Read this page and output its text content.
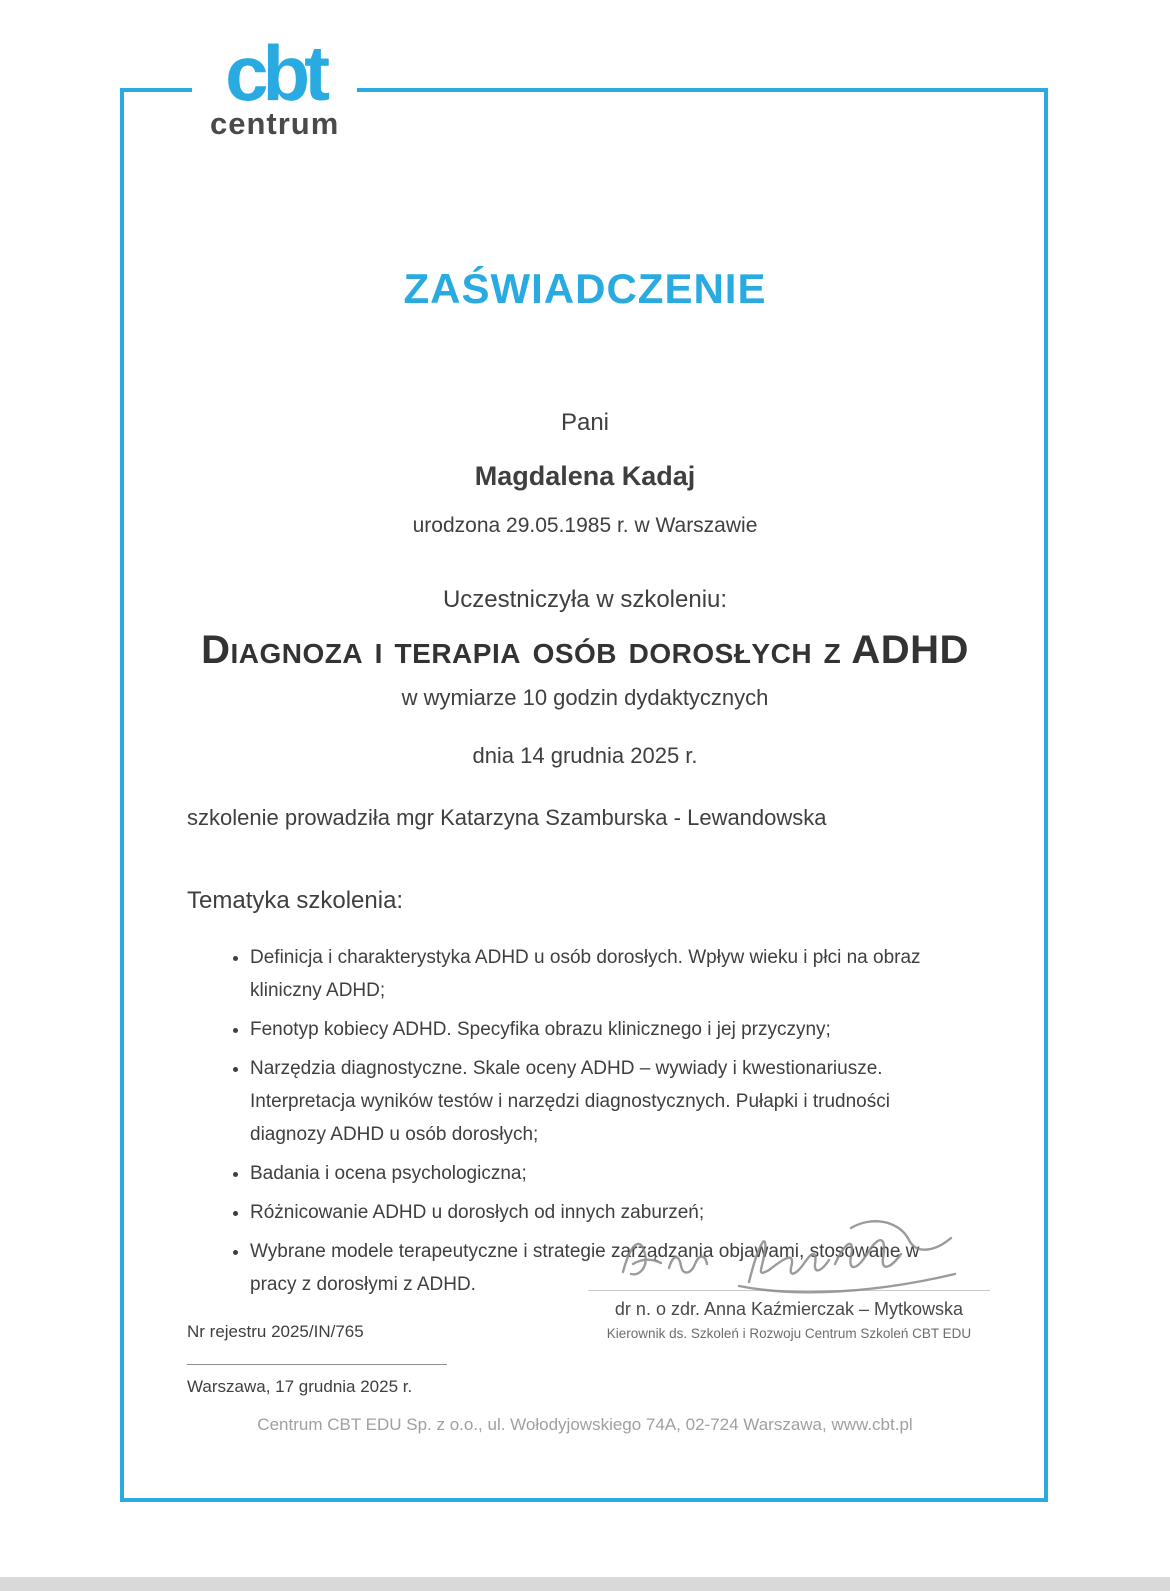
cbt
centrum
ZAŚWIADCZENIE
Pani
Magdalena Kadaj
urodzona 29.05.1985 r. w Warszawie
Uczestniczyła w szkoleniu:
Diagnoza i terapia osób dorosłych z ADHD
w wymiarze 10 godzin dydaktycznych
dnia 14 grudnia 2025 r.
szkolenie prowadziła mgr Katarzyna Szamburska - Lewandowska
Tematyka szkolenia:
• Definicja i charakterystyka ADHD u osób dorosłych. Wpływ wieku i płci na obraz kliniczny ADHD;
• Fenotyp kobiecy ADHD. Specyfika obrazu klinicznego i jej przyczyny;
• Narzędzia diagnostyczne. Skale oceny ADHD – wywiady i kwestionariusze. Interpretacja wyników testów i narzędzi diagnostycznych. Pułapki i trudności diagnozy ADHD u osób dorosłych;
• Badania i ocena psychologiczna;
• Różnicowanie ADHD u dorosłych od innych zaburzeń;
• Wybrane modele terapeutyczne i strategie zarządzania objawami, stosowane w pracy z dorosłymi z ADHD.
dr n. o zdr. Anna Kaźmierczak – Mytkowska
Kierownik ds. Szkoleń i Rozwoju Centrum Szkoleń CBT EDU
Nr rejestru 2025/IN/765
Warszawa, 17 grudnia 2025 r.
Centrum CBT EDU Sp. z o.o., ul. Wołodyjowskiego 74A, 02-724 Warszawa, www.cbt.pl
